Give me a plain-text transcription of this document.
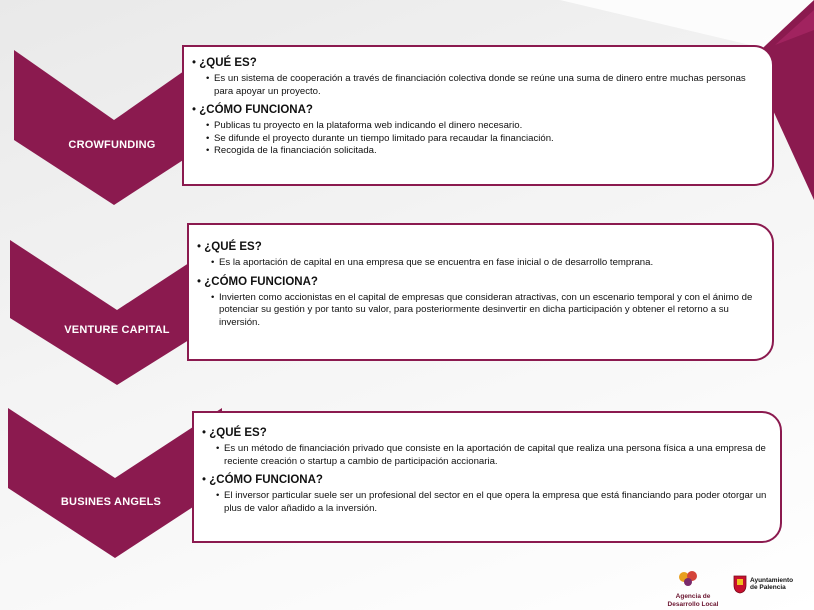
CROWFUNDING
VENTURE CAPITAL
BUSINES ANGELS
• ¿QUÉ ES?
• Es un sistema de cooperación a través de financiación colectiva donde se reúne una suma de dinero entre muchas personas para apoyar un proyecto.
• ¿CÓMO FUNCIONA?
• Publicas tu proyecto en la plataforma web indicando el dinero necesario.
• Se difunde el proyecto durante un tiempo limitado para recaudar la financiación.
• Recogida de la financiación solicitada.
• ¿QUÉ ES?
• Es la aportación de capital en una empresa que se encuentra en fase inicial o de desarrollo temprana.
• ¿CÓMO FUNCIONA?
• Invierten como accionistas en el capital de empresas que consideran atractivas, con un escenario temporal y con el ánimo de potenciar su gestión y por tanto su valor, para posteriormente desinvertir en dicha participación y obtener el retorno a su inversión.
• ¿QUÉ ES?
• Es un método de financiación privado que consiste en la aportación de capital que realiza una persona física a una empresa de reciente creación o startup a cambio de participación accionaria.
• ¿CÓMO FUNCIONA?
• El inversor particular suele ser un profesional del sector en el que opera la empresa que está financiando para poder otorgar un plus de valor añadido a la inversión.
Agencia de
Desarrollo Local
Ayuntamiento
de Palencia
